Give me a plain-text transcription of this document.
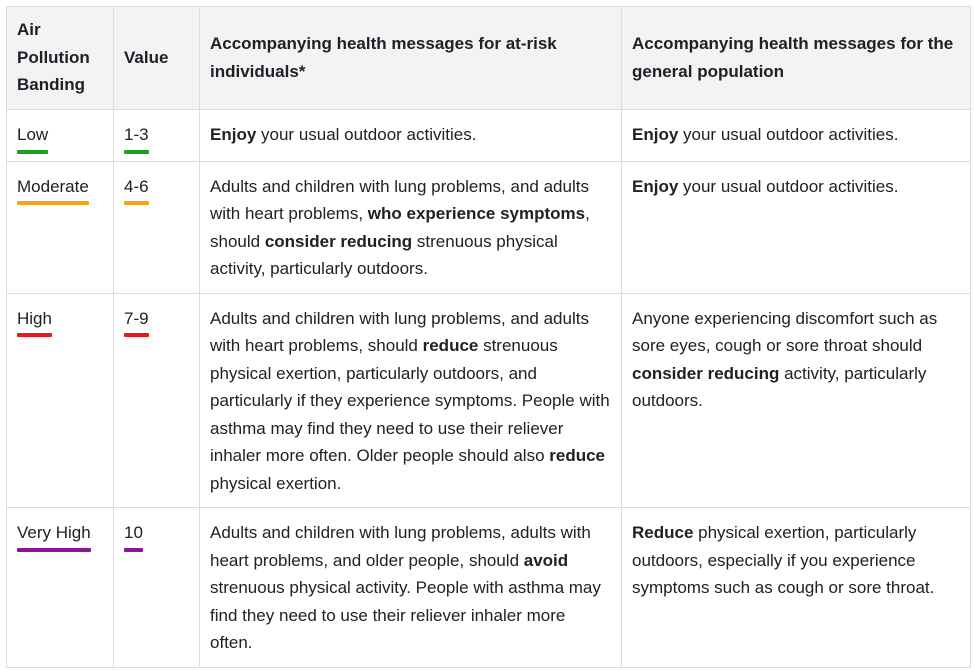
Air Pollution Banding	Value	Accompanying health messages for at-risk individuals*	Accompanying health messages for the general population

Low	1-3	Enjoy your usual outdoor activities.	Enjoy your usual outdoor activities.
Moderate	4-6	Adults and children with lung problems, and adults with heart problems, who experience symptoms, should consider reducing strenuous physical activity, particularly outdoors.	Enjoy your usual outdoor activities.
High	7-9	Adults and children with lung problems, and adults with heart problems, should reduce strenuous physical exertion, particularly outdoors, and particularly if they experience symptoms. People with asthma may find they need to use their reliever inhaler more often. Older people should also reduce physical exertion.	Anyone experiencing discomfort such as sore eyes, cough or sore throat should consider reducing activity, particularly outdoors.
Very High	10	Adults and children with lung problems, adults with heart problems, and older people, should avoid strenuous physical activity. People with asthma may find they need to use their reliever inhaler more often.	Reduce physical exertion, particularly outdoors, especially if you experience symptoms such as cough or sore throat.
